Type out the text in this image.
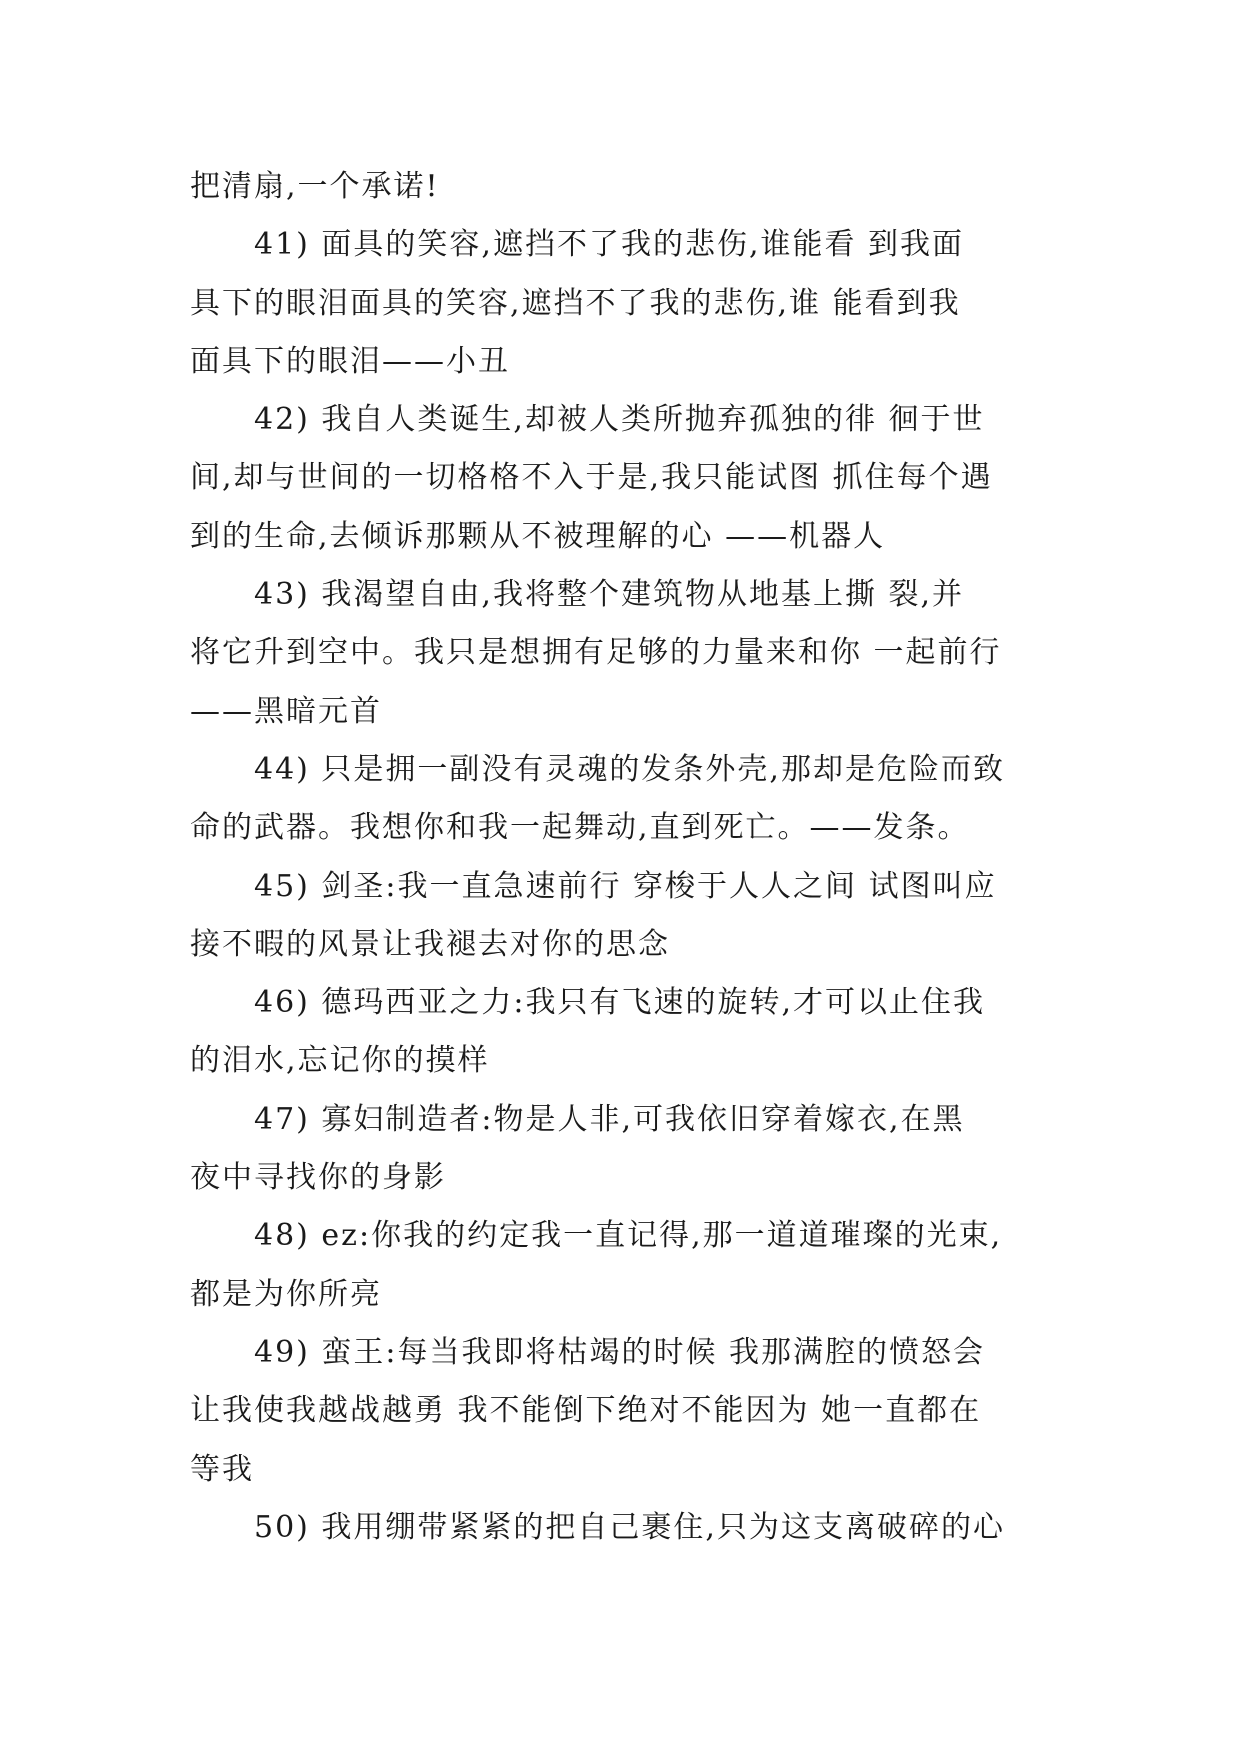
把清扇,一个承诺!
41) 面具的笑容,遮挡不了我的悲伤,谁能看 到我面
具下的眼泪面具的笑容,遮挡不了我的悲伤,谁 能看到我
面具下的眼泪——小丑
42) 我自人类诞生,却被人类所抛弃孤独的徘 徊于世
间,却与世间的一切格格不入于是,我只能试图 抓住每个遇
到的生命,去倾诉那颗从不被理解的心 ——机器人
43) 我渴望自由,我将整个建筑物从地基上撕 裂,并
将它升到空中。我只是想拥有足够的力量来和你 一起前行
——黑暗元首
44) 只是拥一副没有灵魂的发条外壳,那却是危险而致
命的武器。我想你和我一起舞动,直到死亡。——发条。
45) 剑圣:我一直急速前行 穿梭于人人之间 试图叫应
接不暇的风景让我褪去对你的思念
46) 德玛西亚之力:我只有飞速的旋转,才可以止住我
的泪水,忘记你的摸样
47) 寡妇制造者:物是人非,可我依旧穿着嫁衣,在黑
夜中寻找你的身影
48) ez:你我的约定我一直记得,那一道道璀璨的光束,
都是为你所亮
49) 蛮王:每当我即将枯竭的时候 我那满腔的愤怒会
让我使我越战越勇 我不能倒下绝对不能因为 她一直都在
等我
50) 我用绷带紧紧的把自己裹住,只为这支离破碎的心
